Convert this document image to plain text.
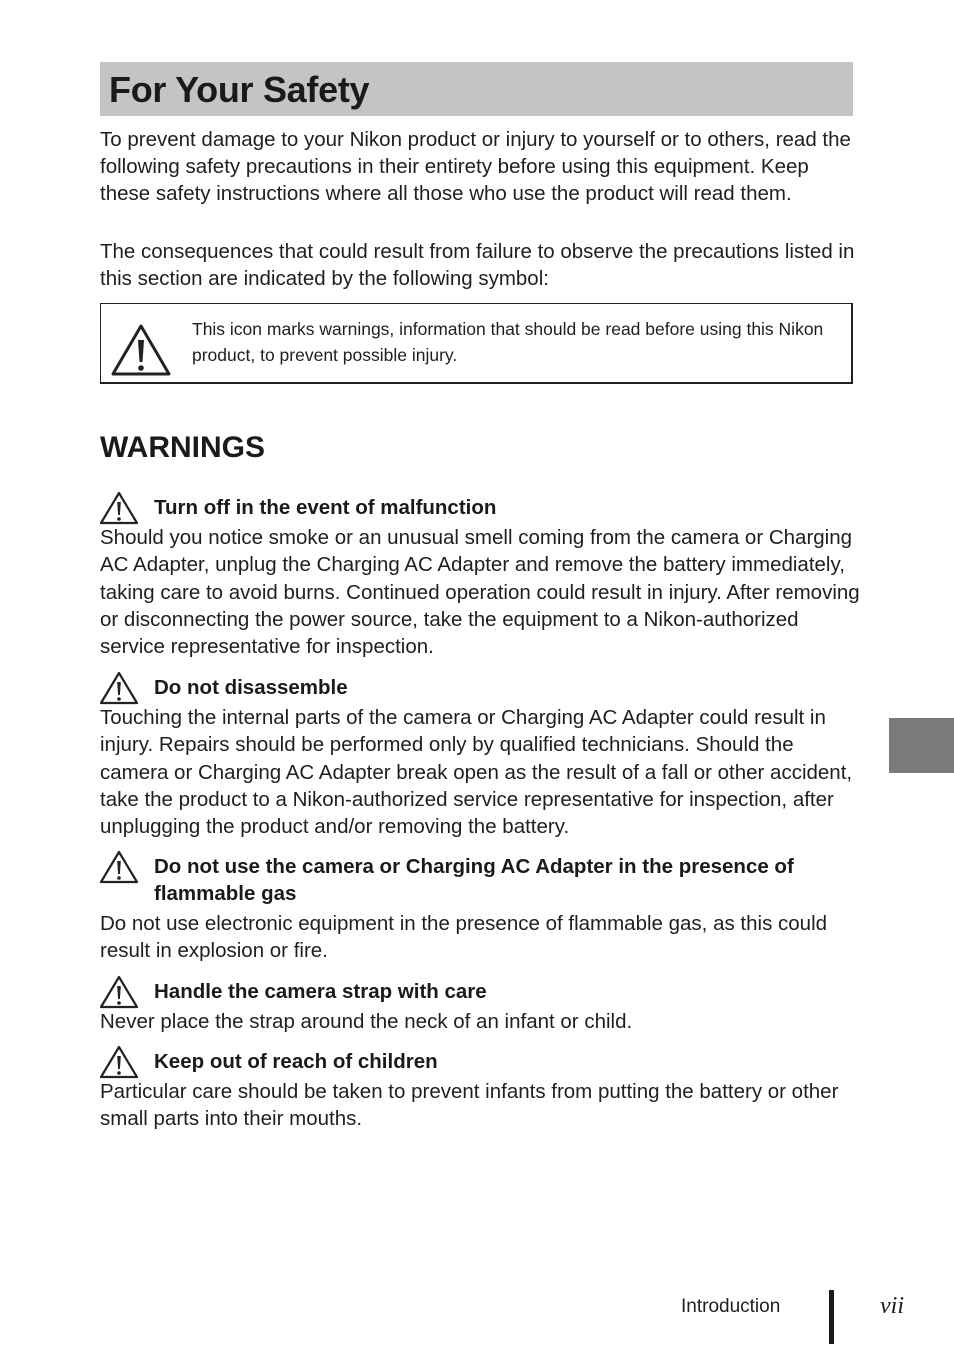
For Your Safety

To prevent damage to your Nikon product or injury to yourself or to others, read the following safety precautions in their entirety before using this equipment. Keep these safety instructions where all those who use the product will read them.

The consequences that could result from failure to observe the precautions listed in this section are indicated by the following symbol:

This icon marks warnings, information that should be read before using this Nikon product, to prevent possible injury.
WARNINGS
Turn off in the event of malfunction

Should you notice smoke or an unusual smell coming from the camera or Charging AC Adapter, unplug the Charging AC Adapter and remove the battery immediately, taking care to avoid burns. Continued operation could result in injury. After removing or disconnecting the power source, take the equipment to a Nikon-authorized service representative for inspection.

Do not disassemble

Touching the internal parts of the camera or Charging AC Adapter could result in injury. Repairs should be performed only by qualified technicians. Should the camera or Charging AC Adapter break open as the result of a fall or other accident, take the product to a Nikon-authorized service representative for inspection, after unplugging the product and/or removing the battery.

Do not use the camera or Charging AC Adapter in the presence of flammable gas

Do not use electronic equipment in the presence of flammable gas, as this could result in explosion or fire.

Handle the camera strap with care

Never place the strap around the neck of an infant or child.

Keep out of reach of children

Particular care should be taken to prevent infants from putting the battery or other small parts into their mouths.

Introduction	vii
